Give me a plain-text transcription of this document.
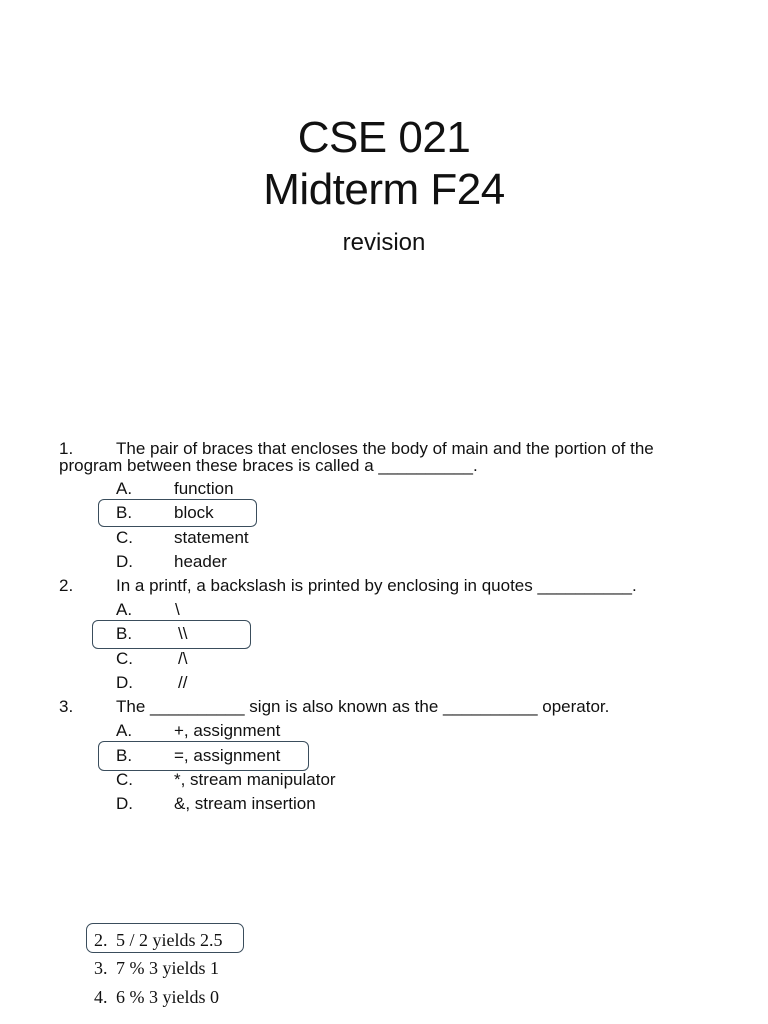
CSE 021
Midterm F24
revision
1.	The pair of braces that encloses the body of main and the portion of the
program between these braces is called a __________.
A. function
B. block
C. statement
D. header
2.	In a printf, a backslash is printed by enclosing in quotes __________.
A.	\
B.	\\
C.	/\
D.	//
3.	The __________ sign is also known as the __________ operator.
A. +, assignment
B. =, assignment
C. *, stream manipulator
D. &, stream insertion
2. 5 / 2 yields 2.5
3. 7 % 3 yields 1
4. 6 % 3 yields 0
